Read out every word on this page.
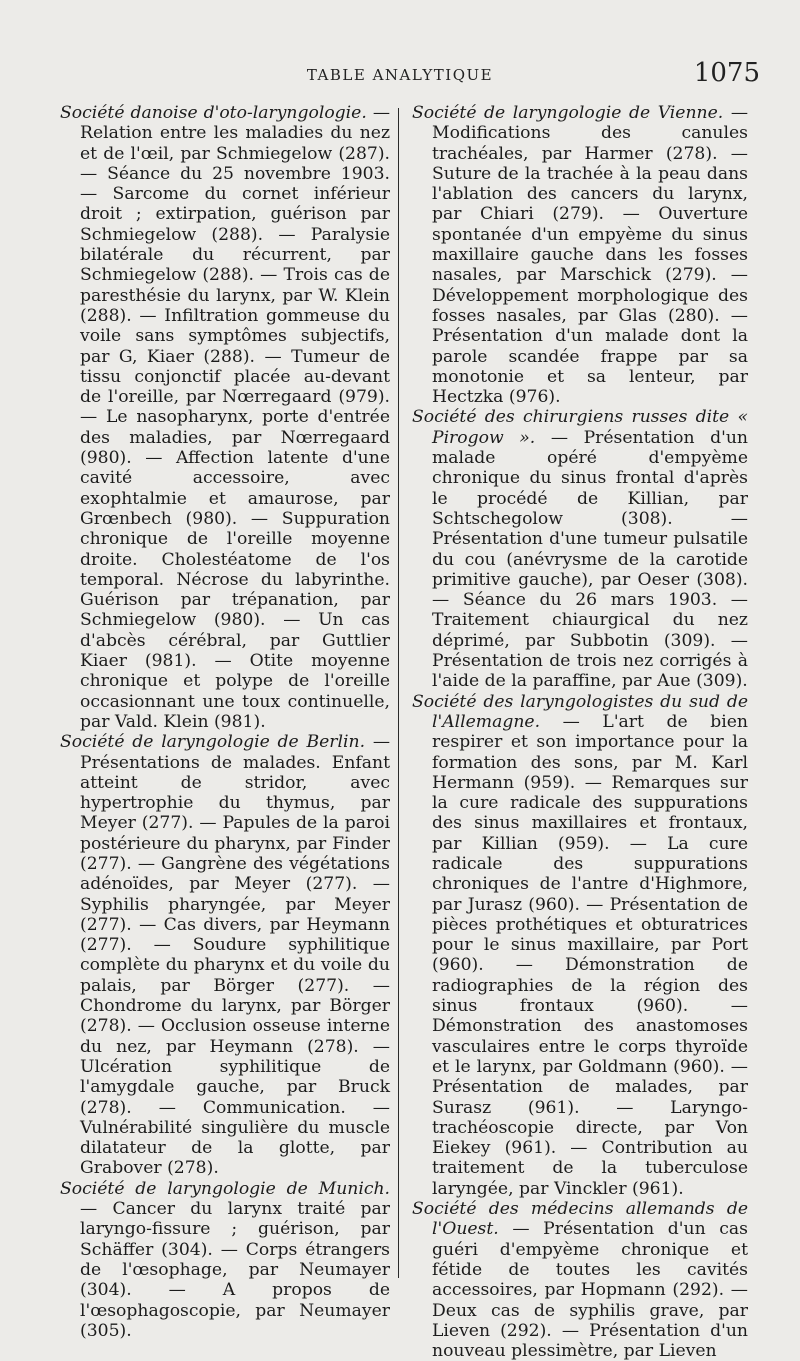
TABLE ANALYTIQUE	1075

Société danoise d'oto-laryngologie. — Relation entre les maladies du nez et de l'œil, par Schmiegelow (287). — Séance du 25 novembre 1903. — Sarcome du cornet inférieur droit ; extirpation, guérison par Schmiegelow (288). — Paralysie bilatérale du récurrent, par Schmiegelow (288). — Trois cas de paresthésie du larynx, par W. Klein (288). — Infiltration gommeuse du voile sans symptômes subjectifs, par G, Kiaer (288). — Tumeur de tissu conjonctif placée au-devant de l'oreille, par Nœrregaard (979). — Le nasopharynx, porte d'entrée des maladies, par Nœrregaard (980). — Affection latente d'une cavité accessoire, avec exophtalmie et amaurose, par Grœnbech (980). — Suppuration chronique de l'oreille moyenne droite. Cholestéatome de l'os temporal. Nécrose du labyrinthe. Guérison par trépanation, par Schmiegelow (980). — Un cas d'abcès cérébral, par Guttlier Kiaer (981). — Otite moyenne chronique et polype de l'oreille occasionnant une toux continuelle, par Vald. Klein (981).

Société de laryngologie de Berlin. — Présentations de malades. Enfant atteint de stridor, avec hypertrophie du thymus, par Meyer (277). — Papules de la paroi postérieure du pharynx, par Finder (277). — Gangrène des végétations adénoïdes, par Meyer (277). — Syphilis pharyngée, par Meyer (277). — Cas divers, par Heymann (277). — Soudure syphilitique complète du pharynx et du voile du palais, par Börger (277). — Chondrome du larynx, par Börger (278). — Occlusion osseuse interne du nez, par Heymann (278). — Ulcération syphilitique de l'amygdale gauche, par Bruck (278). — Communication. — Vulnérabilité singulière du muscle dilatateur de la glotte, par Grabover (278).

Société de laryngologie de Munich.— Cancer du larynx traité par laryngo-fissure ; guérison, par Schäffer (304). — Corps étrangers de l'œsophage, par Neumayer (304). — A propos de l'œsophagoscopie, par Neumayer (305).

Société de laryngologie de Vienne. — Modifications des canules trachéales, par Harmer (278). — Suture de la trachée à la peau dans l'ablation des cancers du larynx, par Chiari (279). — Ouverture spontanée d'un empyème du sinus maxillaire gauche dans les fosses nasales, par Marschick (279). — Développement morphologique des fosses nasales, par Glas (280). — Présentation d'un malade dont la parole scandée frappe par sa monotonie et sa lenteur, par Hectzka (976).

Société des chirurgiens russes dite « Pirogow ». — Présentation d'un malade opéré d'empyème chronique du sinus frontal d'après le procédé de Killian, par Schtschegolow (308). — Présentation d'une tumeur pulsatile du cou (anévrysme de la carotide primitive gauche), par Oeser (308). — Séance du 26 mars 1903. — Traitement chiaurgical du nez déprimé, par Subbotin (309). — Présentation de trois nez corrigés à l'aide de la paraffine, par Aue (309).

Société des laryngologistes du sud de l'Allemagne. — L'art de bien respirer et son importance pour la formation des sons, par M. Karl Hermann (959). — Remarques sur la cure radicale des suppurations des sinus maxillaires et frontaux, par Killian (959). — La cure radicale des suppurations chroniques de l'antre d'Highmore, par Jurasz (960). — Présentation de pièces prothétiques et obturatrices pour le sinus maxillaire, par Port (960). — Démonstration de radiographies de la région des sinus frontaux (960). — Démonstration des anastomoses vasculaires entre le corps thyroïde et le larynx, par Goldmann (960). — Présentation de malades, par Surasz (961). — Laryngo-trachéoscopie directe, par Von Eiekey (961). — Contribution au traitement de la tuberculose laryngée, par Vinckler (961).

Société des médecins allemands de l'Ouest. — Présentation d'un cas guéri d'empyème chronique et fétide de toutes les cavités accessoires, par Hopmann (292). — Deux cas de syphilis grave, par Lieven (292). — Présentation d'un nouveau plessimètre, par Lieven
